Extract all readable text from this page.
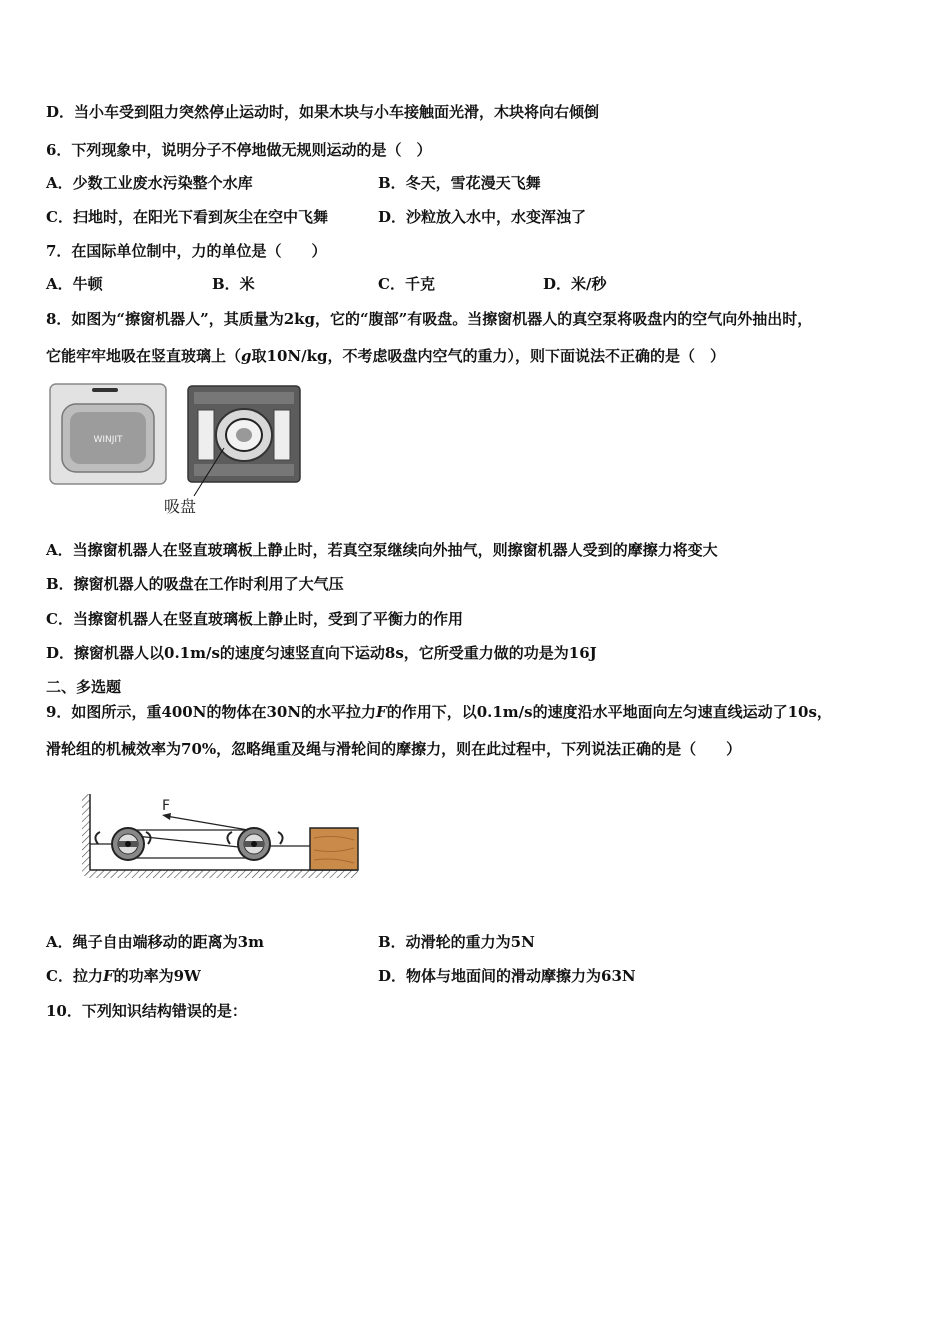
D．当小车受到阻力突然停止运动时，如果木块与小车接触面光滑，木块将向右倾倒
6．下列现象中，说明分子不停地做无规则运动的是（　）
A．少数工业废水污染整个水库	B．冬天，雪花漫天飞舞
C．扫地时，在阳光下看到灰尘在空中飞舞	D．沙粒放入水中，水变浑浊了
7．在国际单位制中，力的单位是（　　）
A．牛顿	B．米	C．千克	D．米/秒
8．如图为“擦窗机器人”，其质量为2kg，它的“腹部”有吸盘。当擦窗机器人的真空泵将吸盘内的空气向外抽出时，
它能牢牢地吸在竖直玻璃上（g取10N/kg，不考虑吸盘内空气的重力），则下面说法不正确的是（　）
WINJIT
吸盘
A．当擦窗机器人在竖直玻璃板上静止时，若真空泵继续向外抽气，则擦窗机器人受到的摩擦力将变大
B．擦窗机器人的吸盘在工作时利用了大气压
C．当擦窗机器人在竖直玻璃板上静止时，受到了平衡力的作用
D．擦窗机器人以0.1m/s的速度匀速竖直向下运动8s，它所受重力做的功是为16J
二、多选题
9．如图所示，重400N的物体在30N的水平拉力F的作用下，以0.1m/s的速度沿水平地面向左匀速直线运动了10s，
滑轮组的机械效率为70%，忽略绳重及绳与滑轮间的摩擦力，则在此过程中，下列说法正确的是（　　）
F
A．绳子自由端移动的距离为3m	B．动滑轮的重力为5N
C．拉力F的功率为9W	D．物体与地面间的滑动摩擦力为63N
10．下列知识结构错误的是：
